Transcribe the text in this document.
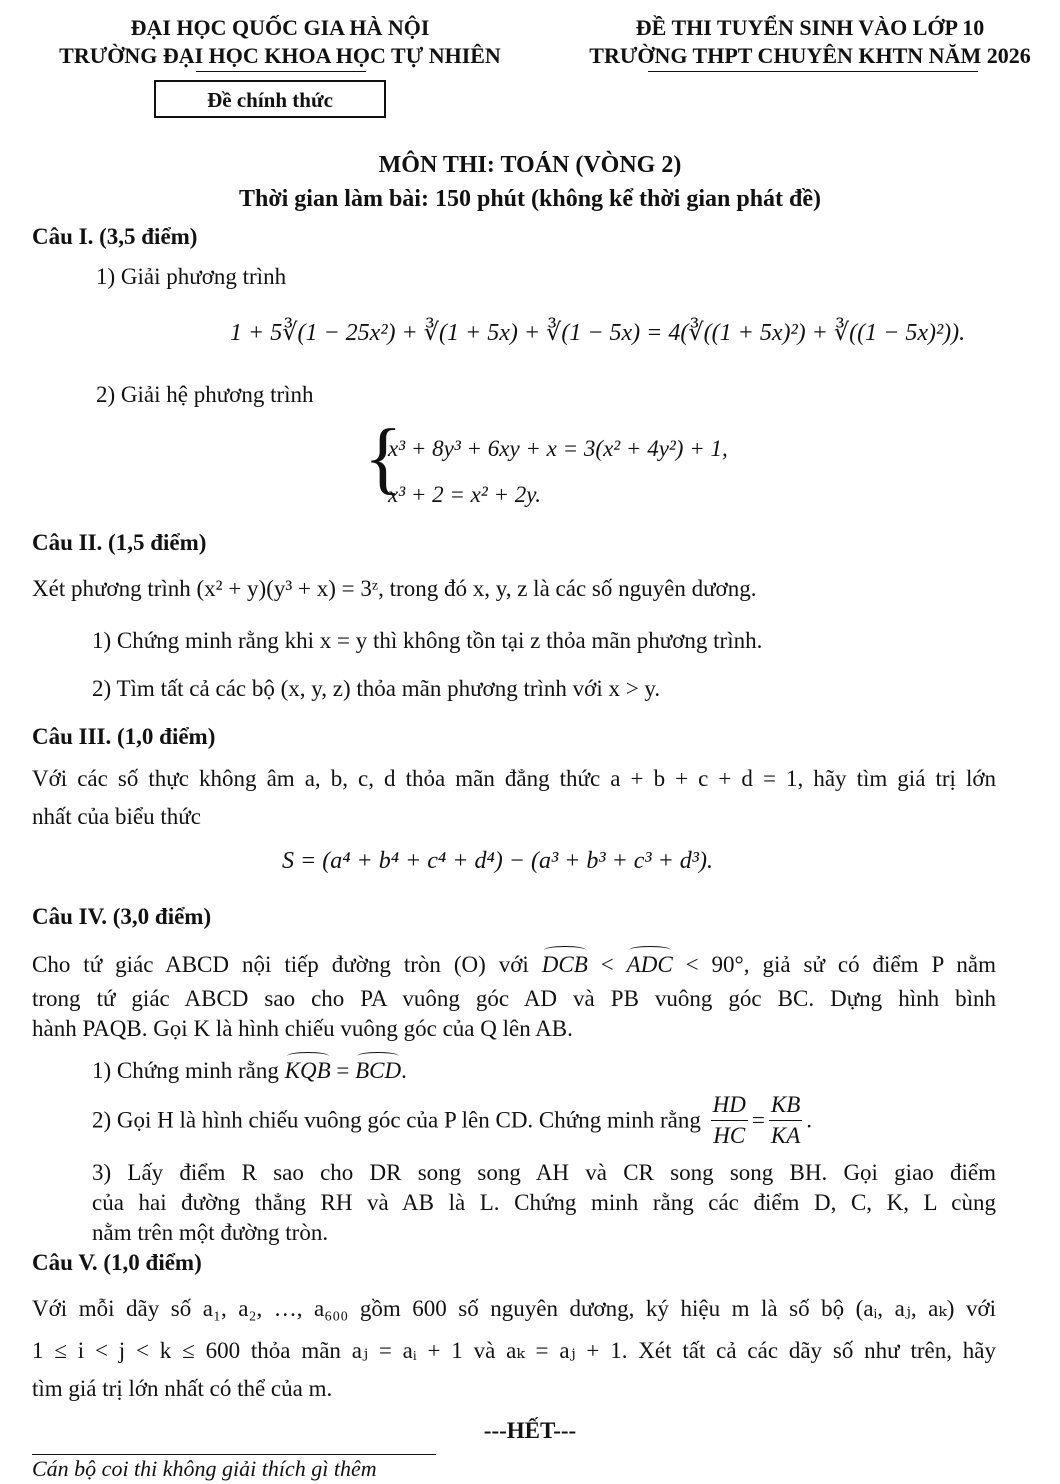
ĐẠI HỌC QUỐC GIA HÀ NỘI
TRƯỜNG ĐẠI HỌC KHOA HỌC TỰ NHIÊN
ĐỀ THI TUYỂN SINH VÀO LỚP 10
TRƯỜNG THPT CHUYÊN KHTN NĂM 2026
Đề chính thức
MÔN THI: TOÁN (VÒNG 2)
Thời gian làm bài: 150 phút (không kể thời gian phát đề)
Câu I. (3,5 điểm)
1) Giải phương trình
1 + 5∛(1 − 25x²) + ∛(1 + 5x) + ∛(1 − 5x) = 4(∛((1 + 5x)²) + ∛((1 − 5x)²)).
2) Giải hệ phương trình
{
x³ + 8y³ + 6xy + x = 3(x² + 4y²) + 1,
x³ + 2 = x² + 2y.
Câu II. (1,5 điểm)
Xét phương trình (x² + y)(y³ + x) = 3ᶻ, trong đó x, y, z là các số nguyên dương.
1) Chứng minh rằng khi x = y thì không tồn tại z thỏa mãn phương trình.
2) Tìm tất cả các bộ (x, y, z) thỏa mãn phương trình với x > y.
Câu III. (1,0 điểm)
Với các số thực không âm a, b, c, d thỏa mãn đẳng thức a + b + c + d = 1, hãy tìm giá trị lớn
nhất của biểu thức
S = (a⁴ + b⁴ + c⁴ + d⁴) − (a³ + b³ + c³ + d³).
Câu IV. (3,0 điểm)
Cho tứ giác ABCD nội tiếp đường tròn (O) với DCB < ADC < 90°, giả sử có điểm P nằm
trong tứ giác ABCD sao cho PA vuông góc AD và PB vuông góc BC. Dựng hình bình
hành PAQB. Gọi K là hình chiếu vuông góc của Q lên AB.
1) Chứng minh rằng KQB = BCD.
2) Gọi H là hình chiếu vuông góc của P lên CD. Chứng minh rằng $\frac{HD}{HC} = \frac{KB}{KA}$ .
3) Lấy điểm R sao cho DR song song AH và CR song song BH. Gọi giao điểm
của hai đường thẳng RH và AB là L. Chứng minh rằng các điểm D, C, K, L cùng
nằm trên một đường tròn.
Câu V. (1,0 điểm)
Với mỗi dãy số a₁, a₂, …, a₆₀₀ gồm 600 số nguyên dương, ký hiệu m là số bộ (aᵢ, aⱼ, aₖ) với
1 ≤ i < j < k ≤ 600 thỏa mãn aⱼ = aᵢ + 1 và aₖ = aⱼ + 1. Xét tất cả các dãy số như trên, hãy
tìm giá trị lớn nhất có thể của m.
---HẾT---
Cán bộ coi thi không giải thích gì thêm
